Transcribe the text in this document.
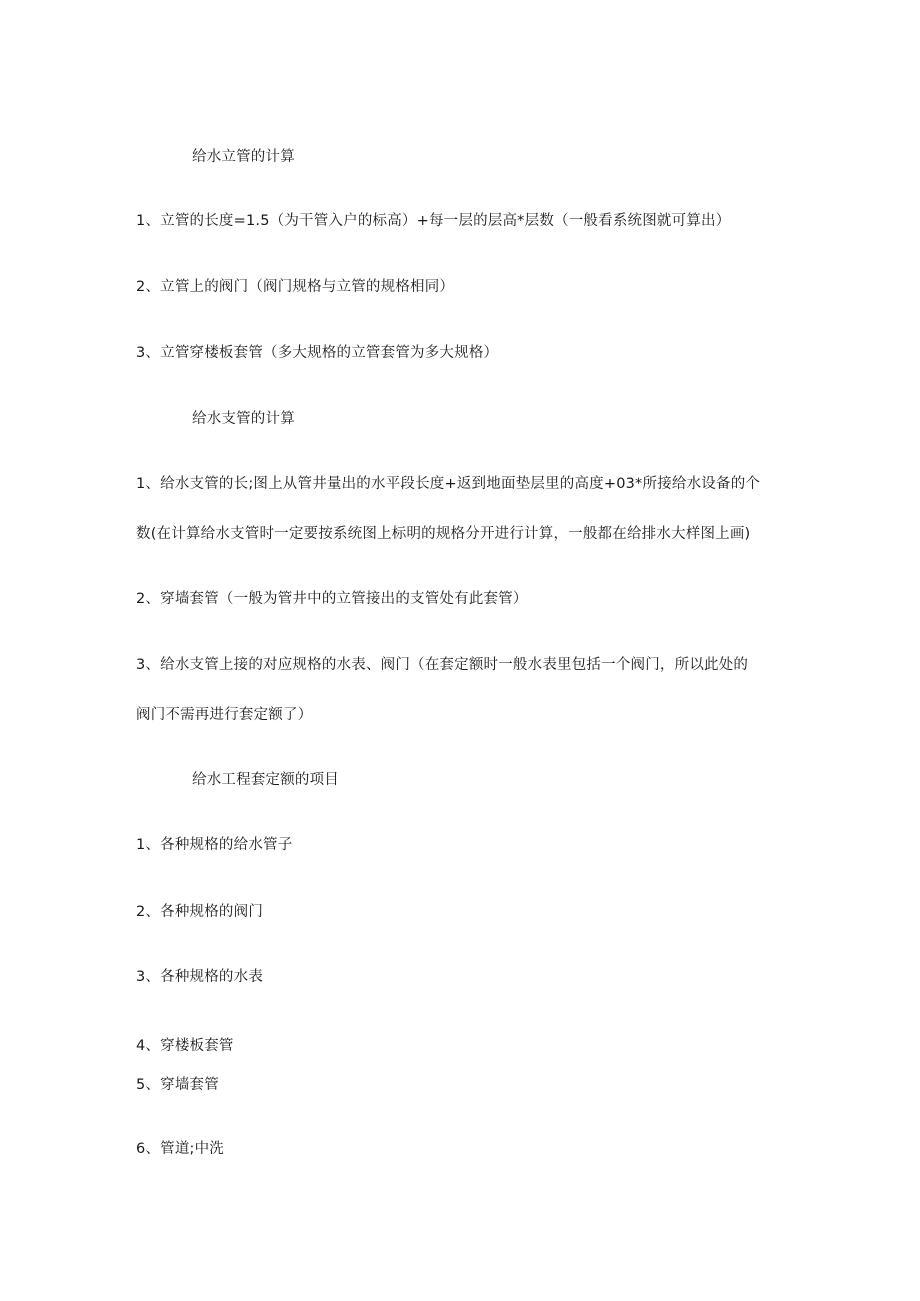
给水立管的计算

1、立管的长度=1.5（为干管入户的标高）+每一层的层高*层数（一般看系统图就可算出）

2、立管上的阀门（阀门规格与立管的规格相同）

3、立管穿楼板套管（多大规格的立管套管为多大规格）

给水支管的计算

1、给水支管的长;图上从管井量出的水平段长度+返到地面垫层里的高度+03*所接给水设备的个

数(在计算给水支管时一定要按系统图上标明的规格分开进行计算，一般都在给排水大样图上画)

2、穿墙套管（一般为管井中的立管接出的支管处有此套管）

3、给水支管上接的对应规格的水表、阀门（在套定额时一般水表里包括一个阀门，所以此处的

阀门不需再进行套定额了）

给水工程套定额的项目

1、各种规格的给水管子

2、各种规格的阀门

3、各种规格的水表

4、穿楼板套管

5、穿墙套管

6、管道;中洗
